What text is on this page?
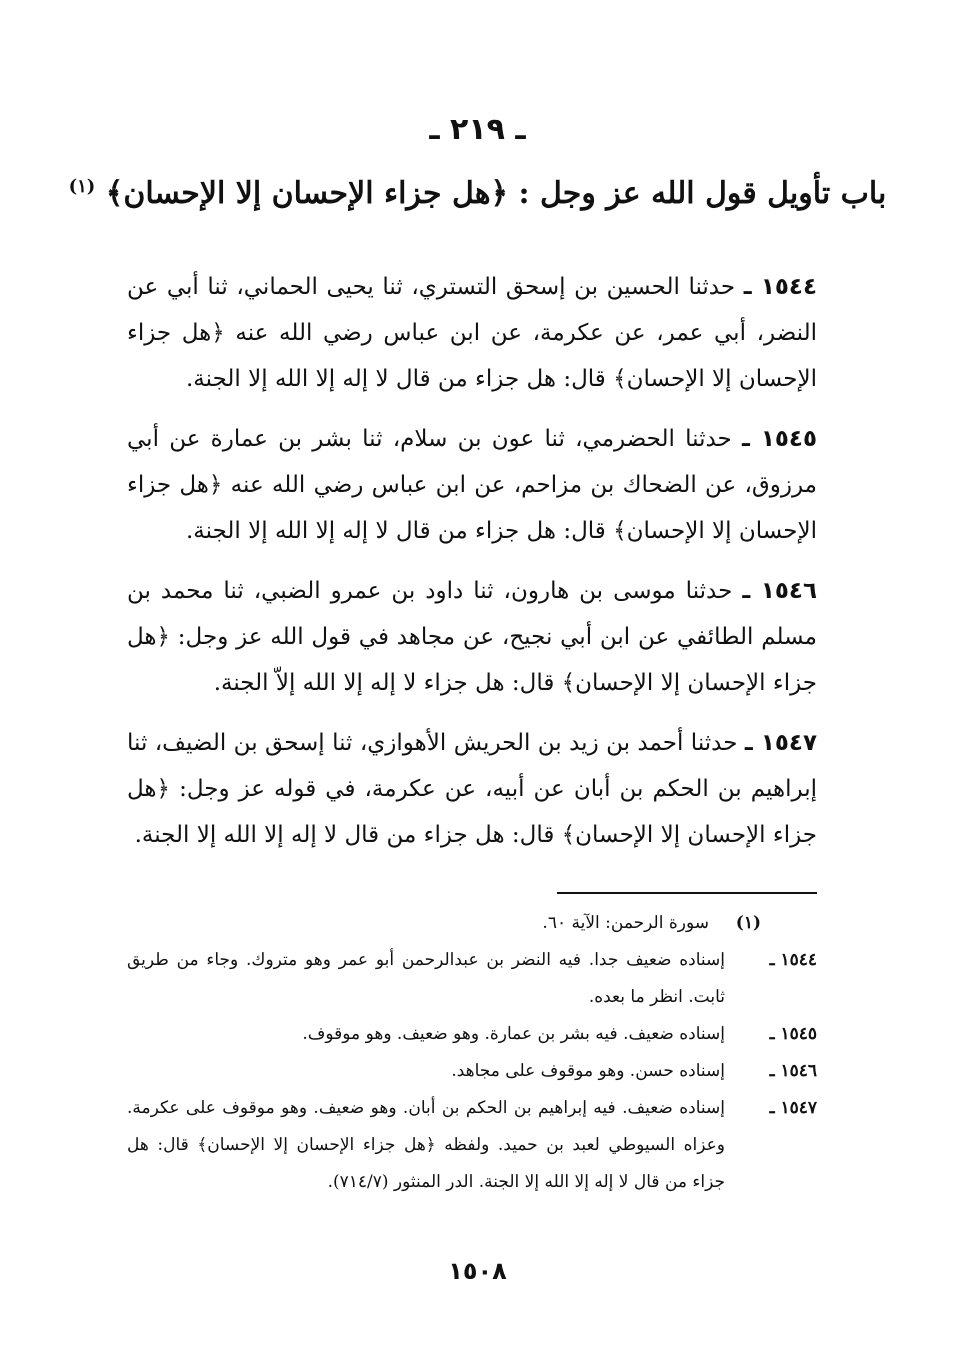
ـ ٢١٩ ـ
باب تأويل قول الله عز وجل : ﴿هل جزاء الإحسان إلا الإحسان﴾ $^{(١)}$

١٥٤٤ ـ حدثنا الحسين بن إسحق التستري، ثنا يحيى الحماني، ثنا أبي عن النضر، أبي عمر، عن عكرمة، عن ابن عباس رضي الله عنه ﴿هل جزاء الإحسان إلا الإحسان﴾ قال: هل جزاء من قال لا إله إلا الله إلا الجنة.

١٥٤٥ ـ حدثنا الحضرمي، ثنا عون بن سلام، ثنا بشر بن عمارة عن أبي مرزوق، عن الضحاك بن مزاحم، عن ابن عباس رضي الله عنه ﴿هل جزاء الإحسان إلا الإحسان﴾ قال: هل جزاء من قال لا إله إلا الله إلا الجنة.

١٥٤٦ ـ حدثنا موسى بن هارون، ثنا داود بن عمرو الضبي، ثنا محمد بن مسلم الطائفي عن ابن أبي نجيح، عن مجاهد في قول الله عز وجل: ﴿هل جزاء الإحسان إلا الإحسان﴾ قال: هل جزاء لا إله إلا الله إلاّ الجنة.

١٥٤٧ ـ حدثنا أحمد بن زيد بن الحريش الأهوازي، ثنا إسحق بن الضيف، ثنا إبراهيم بن الحكم بن أبان عن أبيه، عن عكرمة، في قوله عز وجل: ﴿هل جزاء الإحسان إلا الإحسان﴾ قال: هل جزاء من قال لا إله إلا الله إلا الجنة.

(١)
سورة الرحمن: الآية ٦٠.
١٥٤٤ ـ
إسناده ضعيف جدا. فيه النضر بن عبدالرحمن أبو عمر وهو متروك. وجاء من طريق ثابت. انظر ما بعده.
١٥٤٥ ـ
إسناده ضعيف. فيه بشر بن عمارة. وهو ضعيف. وهو موقوف.
١٥٤٦ ـ
إسناده حسن. وهو موقوف على مجاهد.
١٥٤٧ ـ
إسناده ضعيف. فيه إبراهيم بن الحكم بن أبان. وهو ضعيف. وهو موقوف على عكرمة. وعزاه السيوطي لعبد بن حميد. ولفظه ﴿هل جزاء الإحسان إلا الإحسان﴾ قال: هل جزاء من قال لا إله إلا الله إلا الجنة. الدر المنثور (٧١٤/٧).
١٥٠٨
